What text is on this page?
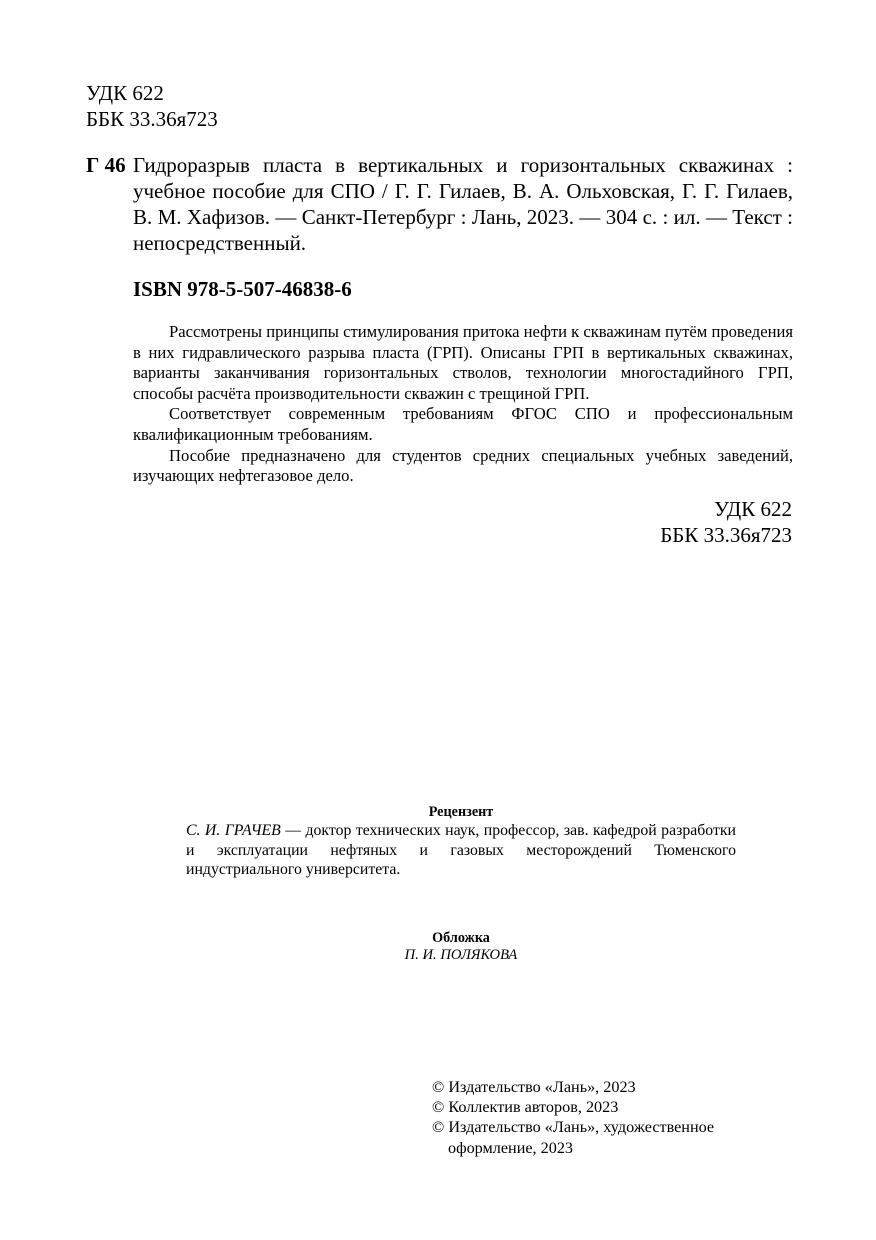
УДК 622
ББК 33.36я723
Г 46 Гидроразрыв пласта в вертикальных и горизонтальных скважинах : учебное пособие для СПО / Г. Г. Гилаев, В. А. Ольховская, Г. Г. Гилаев, В. М. Хафизов. — Санкт-Петербург : Лань, 2023. — 304 с. : ил. — Текст : непосредственный.
ISBN 978-5-507-46838-6

Рассмотрены принципы стимулирования притока нефти к скважинам путём проведения в них гидравлического разрыва пласта (ГРП). Описаны ГРП в вертикальных скважинах, варианты заканчивания горизонтальных стволов, технологии многостадийного ГРП, способы расчёта производительности скважин с трещиной ГРП.

Соответствует современным требованиям ФГОС СПО и профессиональным квалификационным требованиям.

Пособие предназначено для студентов средних специальных учебных заведений, изучающих нефтегазовое дело.

УДК 622
ББК 33.36я723
Рецензент
С. И. ГРАЧЕВ — доктор технических наук, профессор, зав. кафедрой разработки и эксплуатации нефтяных и газовых месторождений Тюменского индустриального университета.
Обложка
П. И. ПОЛЯКОВА
© Издательство «Лань», 2023
© Коллектив авторов, 2023
© Издательство «Лань», художественное
оформление, 2023
